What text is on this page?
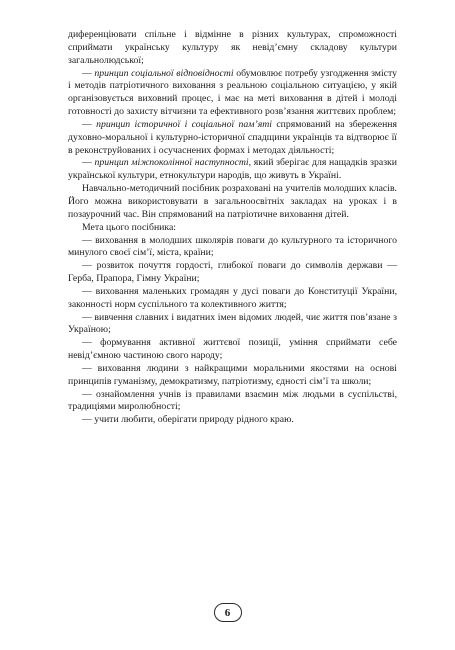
диференціювати спільне і відмінне в різних культурах, спроможності сприймати українську культуру як невід’ємну складову культури загальнолюдської;

— принцип соціальної відповідності обумовлює потребу узгодження змісту і методів патріотичного виховання з реальною соціальною ситуацією, у якій організовується виховний процес, і має на меті виховання в дітей і молоді готовності до захисту вітчизни та ефективного розв’язання життєвих проблем;

— принцип історичної і соціальної пам’яті спрямований на збереження духовно-моральної і культурно-історичної спадщини українців та відтворює її в реконструйованих і осучаснених формах і методах діяльності;

— принцип міжпоколінної наступності, який зберігає для нащадків зразки української культури, етнокультури народів, що живуть в Україні.

Навчально-методичний посібник розраховані на учителів молодших класів. Його можна використовувати в загальноосвітніх закладах на уроках і в позаурочний час. Він спрямований на патріотичне виховання дітей.

Мета цього посібника:

— виховання в молодших школярів поваги до культурного та історичного минулого своєї сім’ї, міста, країни;

— розвиток почуття гордості, глибокої поваги до символів держави — Герба, Прапора, Гімну України;

— виховання маленьких громадян у дусі поваги до Конституції України, законності норм суспільного та колективного життя;

— вивчення славних і видатних імен відомих людей, чиє життя пов’язане з Україною;

— формування активної життєвої позиції, уміння сприймати себе невід’ємною частиною свого народу;

— виховання людини з найкращими моральними якостями на основі принципів гуманізму, демократизму, патріотизму, єдності сім’ї та школи;

— ознайомлення учнів із правилами взаємин між людьми в суспільстві, традиціями миролюбності;

— учити любити, оберігати природу рідного краю.

6
